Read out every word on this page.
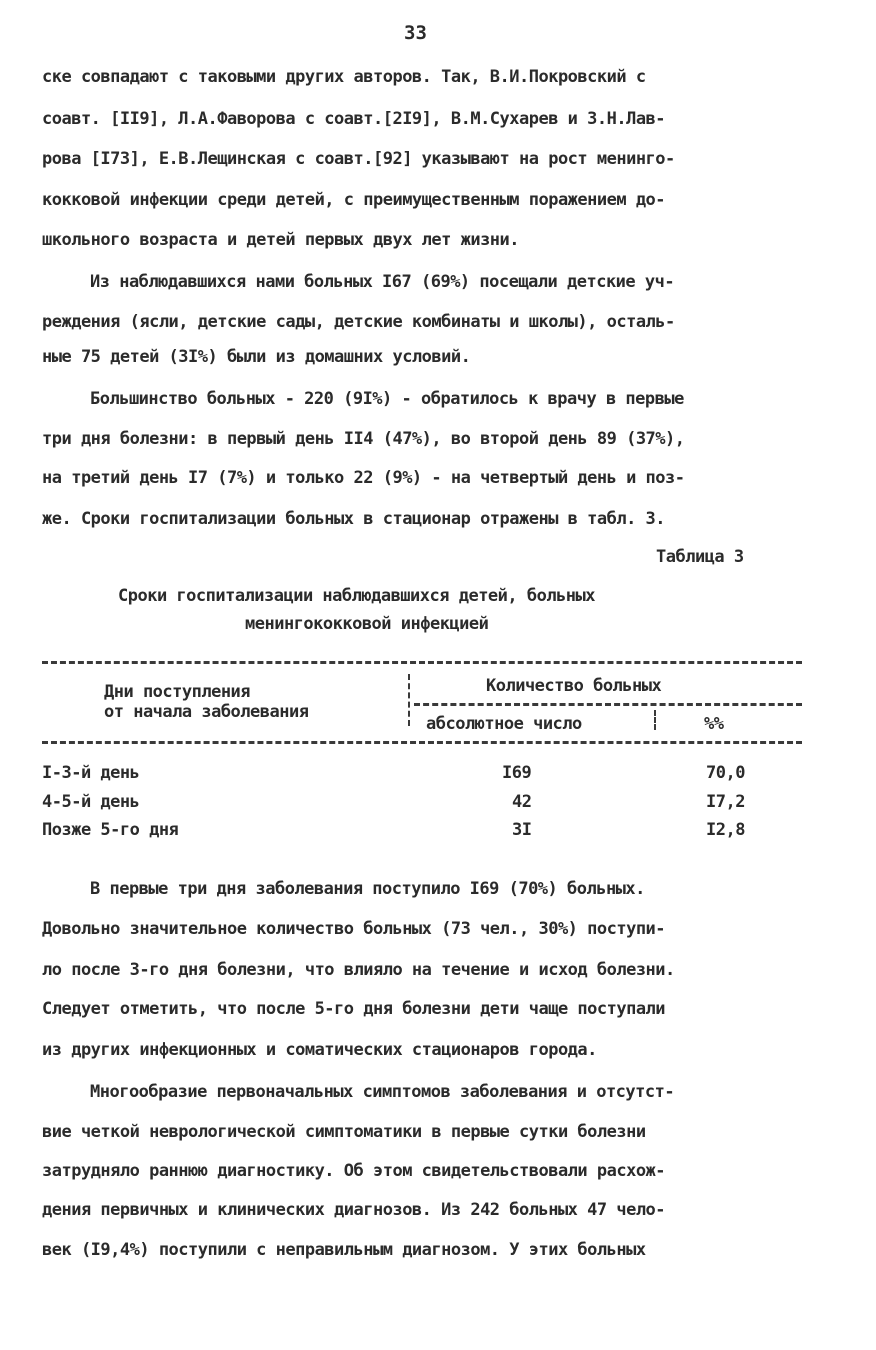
33
ске совпадают с таковыми других авторов. Так, В.И.Покровский с
соавт. [II9], Л.А.Фаворова с соавт.[2I9], В.М.Сухарев и З.Н.Лав-
рова [I73], Е.В.Лещинская с соавт.[92] указывают на рост менинго-
кокковой инфекции среди детей, с преимущественным поражением до-
школьного возраста и детей первых двух лет жизни.
Из наблюдавшихся нами больных I67 (69%) посещали детские уч-
реждения (ясли, детские сады, детские комбинаты и школы), осталь-
ные 75 детей (3I%) были из домашних условий.
Большинство больных - 220 (9I%) - обратилось к врачу в первые
три дня болезни: в первый день II4 (47%), во второй день 89 (37%),
на третий день I7 (7%) и только 22 (9%) - на четвертый день и поз-
же. Сроки госпитализации больных в стационар отражены в табл. 3.
Таблица 3
Сроки госпитализации наблюдавшихся детей, больных
менингококковой инфекцией
Дни поступления
от начала заболевания
Количество больных
абсолютное число	%%
I-3-й день	I69	70,0
4-5-й день	42	I7,2
Позже 5-го дня	3I	I2,8
В первые три дня заболевания поступило I69 (70%) больных.
Довольно значительное количество больных (73 чел., 30%) поступи-
ло после 3-го дня болезни, что влияло на течение и исход болезни.
Следует отметить, что после 5-го дня болезни дети чаще поступали
из других инфекционных и соматических стационаров города.
Многообразие первоначальных симптомов заболевания и отсутст-
вие четкой неврологической симптоматики в первые сутки болезни
затрудняло раннюю диагностику. Об этом свидетельствовали расхож-
дения первичных и клинических диагнозов. Из 242 больных 47 чело-
век (I9,4%) поступили с неправильным диагнозом. У этих больных
